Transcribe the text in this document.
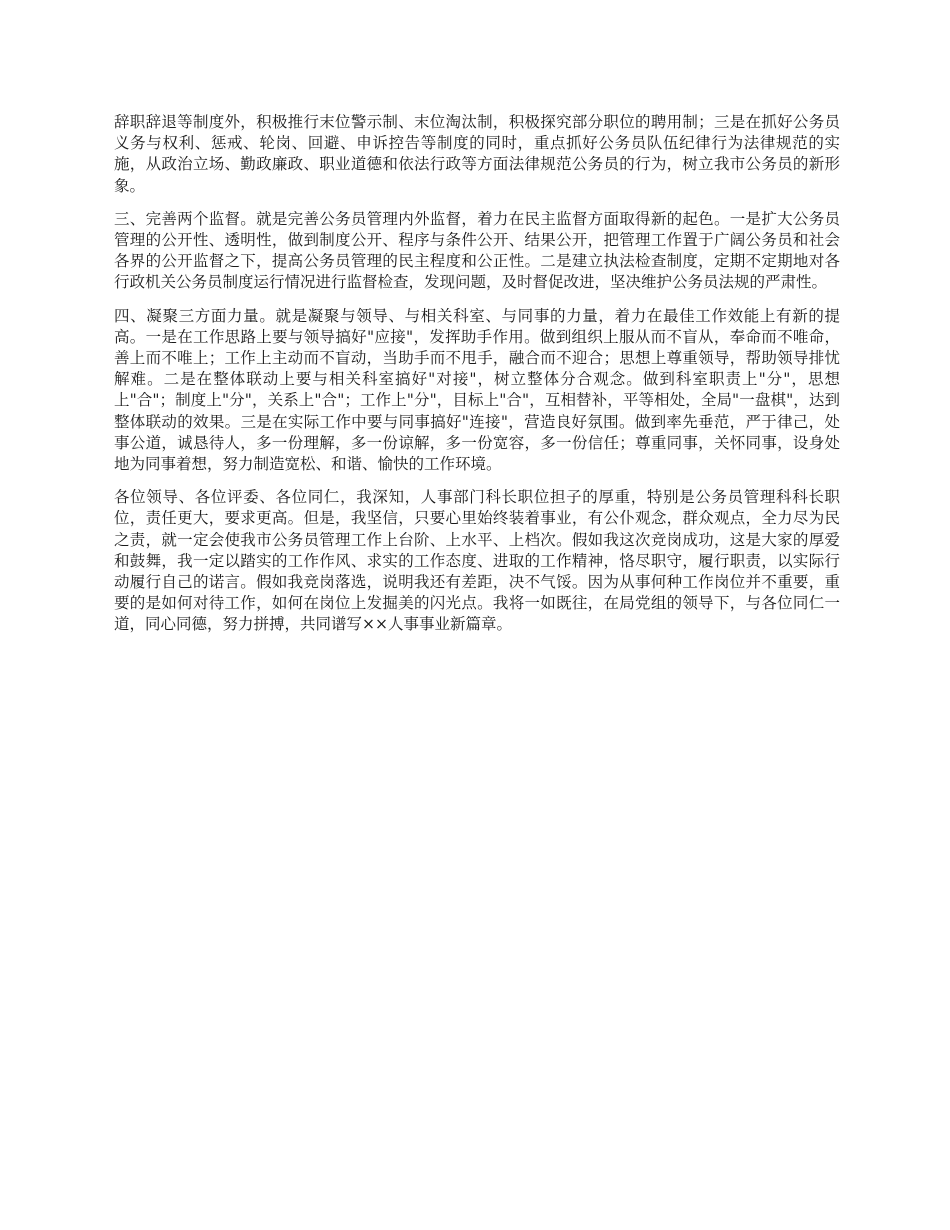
辞职辞退等制度外，积极推行末位警示制、末位淘汰制，积极探究部分职位的聘用制；三是在抓好公务员义务与权利、惩戒、轮岗、回避、申诉控告等制度的同时，重点抓好公务员队伍纪律行为法律规范的实施，从政治立场、勤政廉政、职业道德和依法行政等方面法律规范公务员的行为，树立我市公务员的新形象。

三、完善两个监督。就是完善公务员管理内外监督，着力在民主监督方面取得新的起色。一是扩大公务员管理的公开性、透明性，做到制度公开、程序与条件公开、结果公开，把管理工作置于广阔公务员和社会各界的公开监督之下，提高公务员管理的民主程度和公正性。二是建立执法检查制度，定期不定期地对各行政机关公务员制度运行情况进行监督检查，发现问题，及时督促改进，坚决维护公务员法规的严肃性。

四、凝聚三方面力量。就是凝聚与领导、与相关科室、与同事的力量，着力在最佳工作效能上有新的提高。一是在工作思路上要与领导搞好"应接"，发挥助手作用。做到组织上服从而不盲从，奉命而不唯命，善上而不唯上；工作上主动而不盲动，当助手而不甩手，融合而不迎合；思想上尊重领导，帮助领导排忧解难。二是在整体联动上要与相关科室搞好"对接"，树立整体分合观念。做到科室职责上"分"，思想上"合"；制度上"分"，关系上"合"；工作上"分"，目标上"合"，互相替补，平等相处，全局"一盘棋"，达到整体联动的效果。三是在实际工作中要与同事搞好"连接"，营造良好氛围。做到率先垂范，严于律己，处事公道，诚恳待人，多一份理解，多一份谅解，多一份宽容，多一份信任；尊重同事，关怀同事，设身处地为同事着想，努力制造宽松、和谐、愉快的工作环境。

各位领导、各位评委、各位同仁，我深知，人事部门科长职位担子的厚重，特别是公务员管理科科长职位，责任更大，要求更高。但是，我坚信，只要心里始终装着事业，有公仆观念，群众观点，全力尽为民之责，就一定会使我市公务员管理工作上台阶、上水平、上档次。假如我这次竞岗成功，这是大家的厚爱和鼓舞，我一定以踏实的工作作风、求实的工作态度、进取的工作精神，恪尽职守，履行职责，以实际行动履行自己的诺言。假如我竞岗落选，说明我还有差距，决不气馁。因为从事何种工作岗位并不重要，重要的是如何对待工作，如何在岗位上发掘美的闪光点。我将一如既往，在局党组的领导下，与各位同仁一道，同心同德，努力拼搏，共同谱写××人事事业新篇章。
